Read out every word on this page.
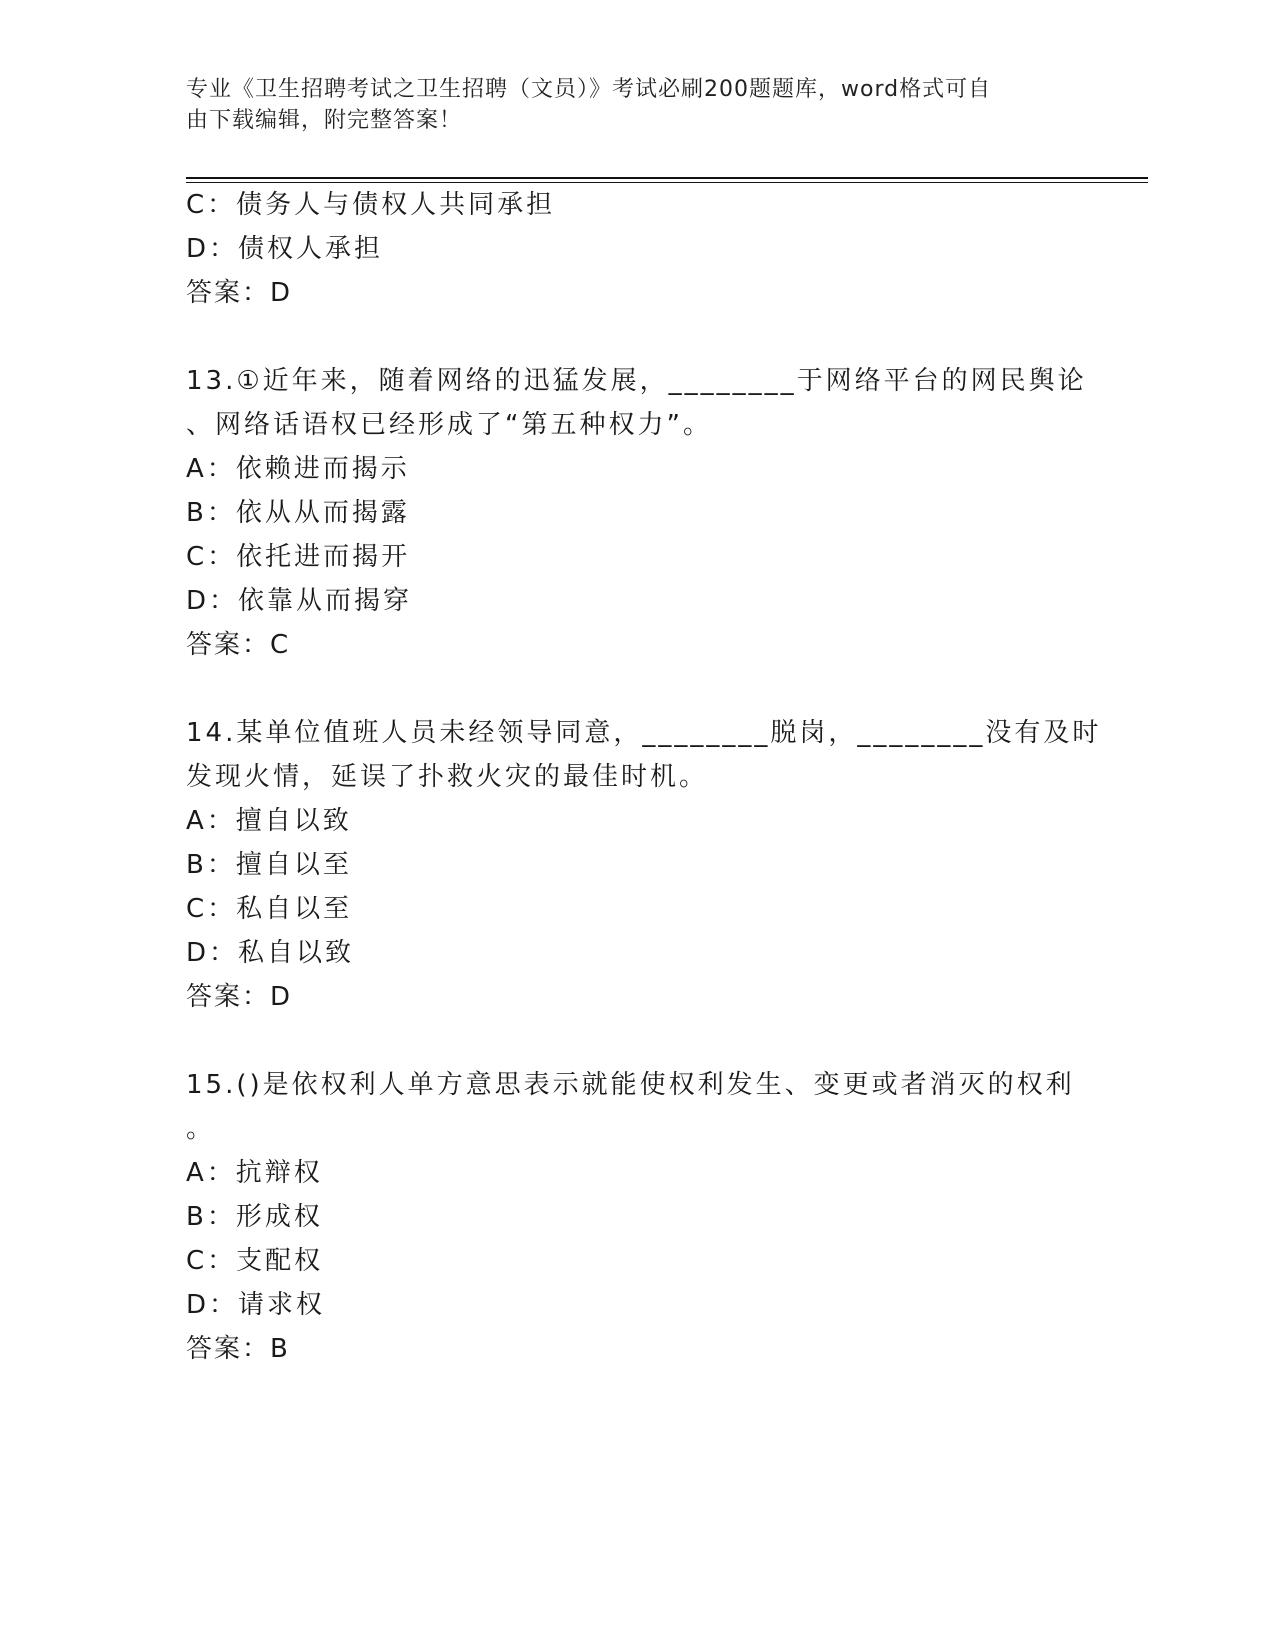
专业《卫生招聘考试之卫生招聘（文员）》考试必刷200题题库，word格式可自
由下载编辑，附完整答案！
C：债务人与债权人共同承担
D：债权人承担
答案：D
13.①近年来，随着网络的迅猛发展，________于网络平台的网民舆论
、网络话语权已经形成了“第五种权力”。
A：依赖进而揭示
B：依从从而揭露
C：依托进而揭开
D：依靠从而揭穿
答案：C
14.某单位值班人员未经领导同意，________脱岗，________没有及时
发现火情，延误了扑救火灾的最佳时机。
A：擅自以致
B：擅自以至
C：私自以至
D：私自以致
答案：D
15.()是依权利人单方意思表示就能使权利发生、变更或者消灭的权利
。
A：抗辩权
B：形成权
C：支配权
D：请求权
答案：B
